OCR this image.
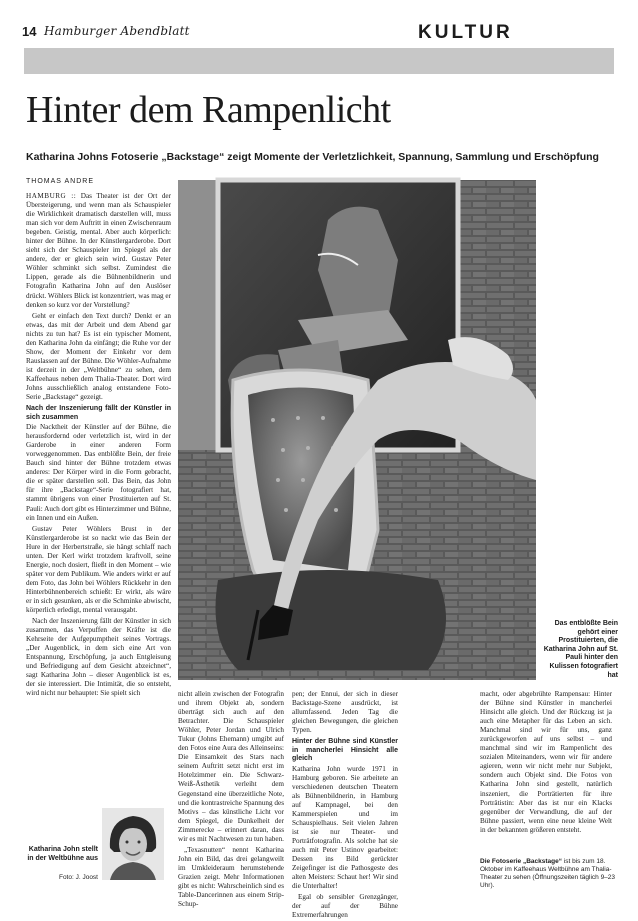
14 Hamburger Abendblatt	KULTUR
Hinter dem Rampenlicht
Katharina Johns Fotoserie „Backstage“ zeigt Momente der Verletzlichkeit, Spannung, Sammlung und Erschöpfung
THOMAS ANDRE

HAMBURG :: Das Theater ist der Ort der Übersteigerung, und wenn man als Schauspieler die Wirklichkeit dramatisch darstellen will, muss man sich vor dem Auftritt in einen Zwischenraum begeben. Geistig, mental. Aber auch körperlich: hinter der Bühne. In der Künstlergarderobe. Dort sieht sich der Schauspieler im Spiegel als der andere, der er gleich sein wird. Gustav Peter Wöhler schminkt sich selbst. Zumindest die Lippen, gerade als die Bühnenbildnerin und Fotografin Katharina John auf den Auslöser drückt. Wöhlers Blick ist konzentriert, was mag er denken so kurz vor der Vorstellung?

Geht er einfach den Text durch? Denkt er an etwas, das mit der Arbeit und dem Abend gar nichts zu tun hat? Es ist ein typischer Moment, den Katharina John da einfängt; die Ruhe vor der Show, der Moment der Einkehr vor dem Rauslassen auf der Bühne. Die Wöhler-Aufnahme ist derzeit in der „Weltbühne“ zu sehen, dem Kaffeehaus neben dem Thalia-Theater. Dort wird Johns ausschließlich analog entstandene Foto-Serie „Backstage“ gezeigt.

Nach der Inszenierung fällt der Künstler in sich zusammen

Die Nacktheit der Künstler auf der Bühne, die herausfordernd oder verletzlich ist, wird in der Garderobe in einer anderen Form vorweggenommen. Das entblößte Bein, der freie Bauch sind hinter der Bühne trotzdem etwas anderes: Der Körper wird in die Form gebracht, die er später darstellen soll. Das Bein, das John für ihre „Backstage“-Serie fotografiert hat, stammt übrigens von einer Prostituierten auf St. Pauli: Auch dort gibt es Hinterzimmer und Bühne, ein Innen und ein Außen.

Gustav Peter Wöhlers Brust in der Künstlergarderobe ist so nackt wie das Bein der Hure in der Herbertstraße, sie hängt schlaff nach unten. Der Kerl wirkt trotzdem kraftvoll, seine Energie, noch dosiert, fließt in den Moment – wie später vor dem Publikum. Wie anders wirkt er auf dem Foto, das John bei Wöhlers Rückkehr in den Hinterbühnenbereich schießt: Er wirkt, als wäre er in sich gesunken, als er die Schminke abwischt, körperlich erledigt, mental verausgabt.

Nach der Inszenierung fällt der Künstler in sich zusammen, das Verpuffen der Kräfte ist die Kehrseite der Aufgepumptheit seines Vortrags. „Der Augenblick, in dem sich eine Art von Entspannung, Erschöpfung, ja auch Entgleisung und Befriedigung auf dem Gesicht abzeichnet“, sagt Katharina John – dieser Augenblick ist es, der sie interessiert. Die Intimität, die so entsteht, wird nicht nur behauptet: Sie spielt sich

Das entblößte Bein gehört einer Prostituierten, die Katharina John auf St. Pauli hinter den Kulissen fotografiert hat

nicht allein zwischen der Fotografin und ihrem Objekt ab, sondern überträgt sich auch auf den Betrachter. Die Schauspieler Wöhler, Peter Jordan und Ulrich Tukur (Johns Ehemann) umgibt auf den Fotos eine Aura des Alleinseins: Die Einsamkeit des Stars nach seinem Auftritt setzt nicht erst im Hotelzimmer ein. Die Schwarz-Weiß-Ästhetik verleiht dem Gegenstand eine überzeitliche Note, und die kontrastreiche Spannung des Motivs – das künstliche Licht vor dem Spiegel, die Dunkelheit der Zimmerecke – erinnert daran, dass wir es mit Nachtwesen zu tun haben.

„Texasnutten“ nennt Katharina John ein Bild, das drei gelangweilt im Umkleideraum herumstehende Grazien zeigt. Mehr Informationen gibt es nicht: Wahrscheinlich sind es Table-Dancerinnen aus einem Strip-Schup-

pen; der Ennui, der sich in dieser Backstage-Szene ausdrückt, ist allumfassend. Jeden Tag die gleichen Bewegungen, die gleichen Typen.

Hinter der Bühne sind Künstler in mancherlei Hinsicht alle gleich

Katharina John wurde 1971 in Hamburg geboren. Sie arbeitete an verschiedenen deutschen Theatern als Bühnenbildnerin, in Hamburg auf Kampnagel, bei den Kammerspielen und im Schauspielhaus. Seit vielen Jahren ist sie nur Theater- und Porträtfotografin. Als solche hat sie auch mit Peter Ustinov gearbeitet: Dessen ins Bild gerückter Zeigefinger ist die Pathosgeste des alten Meisters: Schaut her! Wir sind die Unterhalter!

Egal ob sensibler Grenzgänger, der auf der Bühne Extremerfahrungen

macht, oder abgebrühte Rampensau: Hinter der Bühne sind Künstler in mancherlei Hinsicht alle gleich. Und der Rückzug ist ja auch eine Metapher für das Leben an sich. Manchmal sind wir für uns, ganz zurückgeworfen auf uns selbst – und manchmal sind wir im Rampenlicht des sozialen Miteinanders, wenn wir für andere agieren, wenn wir nicht mehr nur Subjekt, sondern auch Objekt sind. Die Fotos von Katharina John sind gestellt, natürlich inszeniert, die Porträtierten für ihre Porträtistin: Aber das ist nur ein Klacks gegenüber der Verwandlung, die auf der Bühne passiert, wenn eine neue kleine Welt in der bekannten größeren entsteht.

Katharina John stellt in der Weltbühne aus
Foto: J. Joost
Die Fotoserie „Backstage“ ist bis zum 18. Oktober im Kaffeehaus Weltbühne am Thalia-Theater zu sehen (Öffnungszeiten täglich 9–23 Uhr).
